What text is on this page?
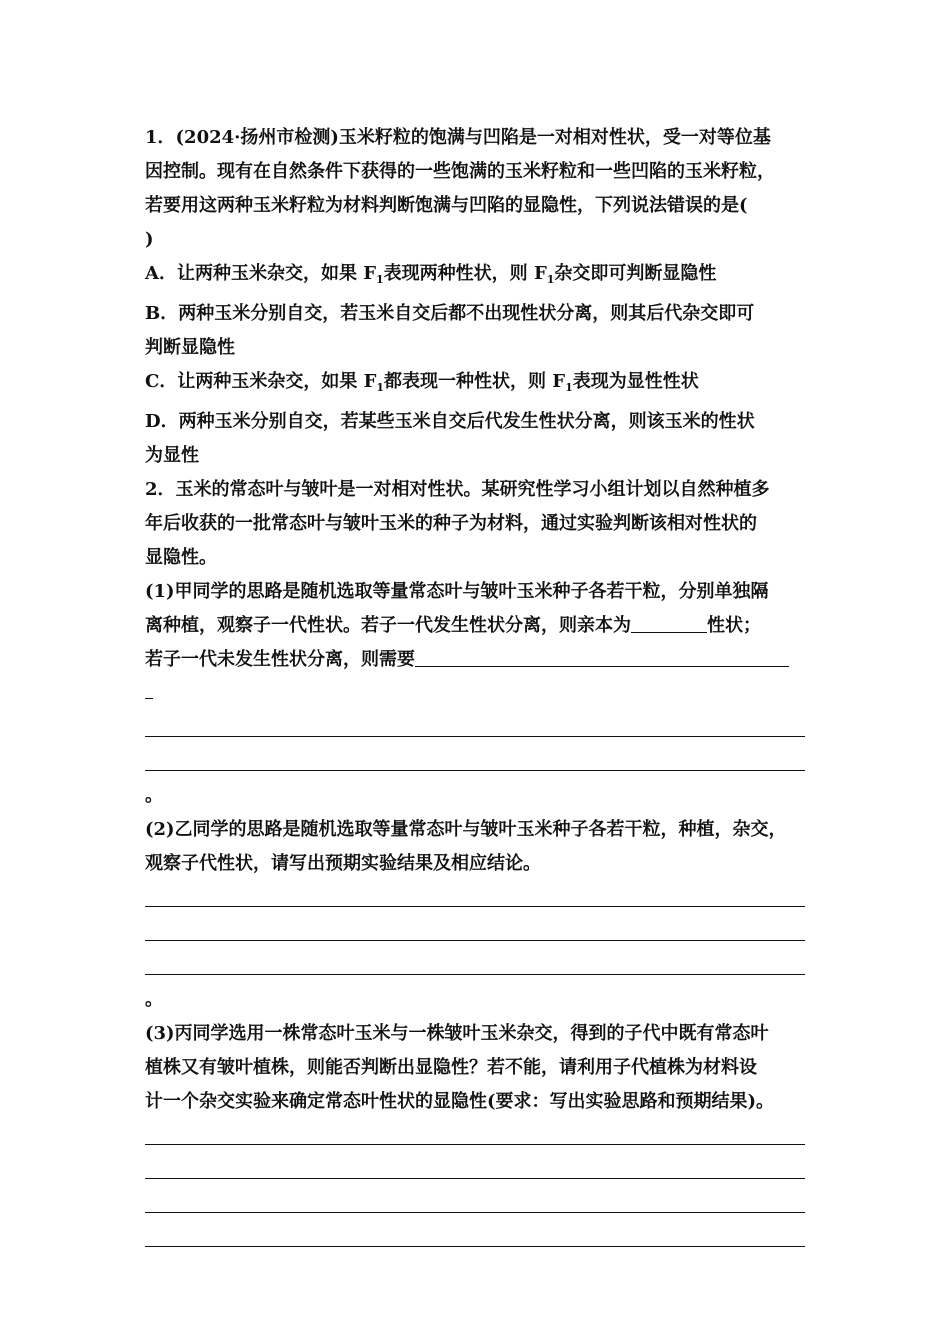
1．(2024·扬州市检测)玉米籽粒的饱满与凹陷是一对相对性状，受一对等位基
因控制。现有在自然条件下获得的一些饱满的玉米籽粒和一些凹陷的玉米籽粒，
若要用这两种玉米籽粒为材料判断饱满与凹陷的显隐性，下列说法错误的是(
)
A．让两种玉米杂交，如果 $F_1$表现两种性状，则 $F_1$杂交即可判断显隐性
B．两种玉米分别自交，若玉米自交后都不出现性状分离，则其后代杂交即可
判断显隐性
C．让两种玉米杂交，如果 $F_1$都表现一种性状，则 $F_1$表现为显性性状
D．两种玉米分别自交，若某些玉米自交后代发生性状分离，则该玉米的性状
为显性
2．玉米的常态叶与皱叶是一对相对性状。某研究性学习小组计划以自然种植多
年后收获的一批常态叶与皱叶玉米的种子为材料，通过实验判断该相对性状的
显隐性。
(1)甲同学的思路是随机选取等量常态叶与皱叶玉米种子各若干粒，分别单独隔
离种植，观察子一代性状。若子一代发生性状分离，则亲本为	性状；
若子一代未发生性状分离，则需要
。
(2)乙同学的思路是随机选取等量常态叶与皱叶玉米种子各若干粒，种植，杂交，
观察子代性状，请写出预期实验结果及相应结论。
。
(3)丙同学选用一株常态叶玉米与一株皱叶玉米杂交，得到的子代中既有常态叶
植株又有皱叶植株，则能否判断出显隐性？若不能，请利用子代植株为材料设
计一个杂交实验来确定常态叶性状的显隐性(要求：写出实验思路和预期结果)。
